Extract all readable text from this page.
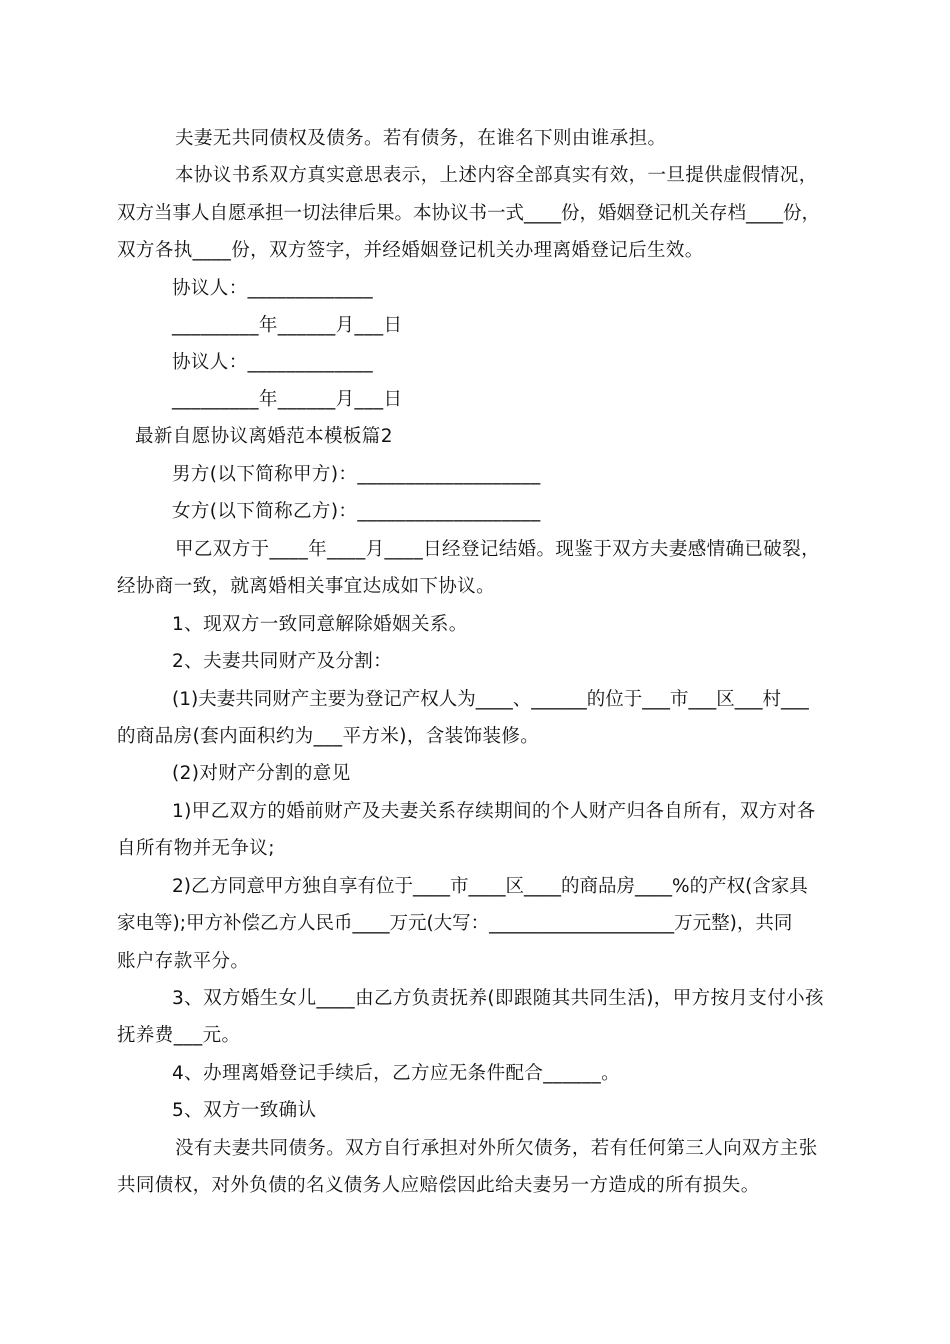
夫妻无共同债权及债务。若有债务，在谁名下则由谁承担。
本协议书系双方真实意思表示，上述内容全部真实有效，一旦提供虚假情况，
双方当事人自愿承担一切法律后果。本协议书一式____份，婚姻登记机关存档____份，
双方各执____份，双方签字，并经婚姻登记机关办理离婚登记后生效。
协议人：_____________
_________年______月___日
协议人：_____________
_________年______月___日
最新自愿协议离婚范本模板篇2
男方(以下简称甲方)：___________________
女方(以下简称乙方)：___________________
甲乙双方于____年____月____日经登记结婚。现鉴于双方夫妻感情确已破裂，
经协商一致，就离婚相关事宜达成如下协议。
1、现双方一致同意解除婚姻关系。
2、夫妻共同财产及分割：
(1)夫妻共同财产主要为登记产权人为____、______的位于___市___区___村___
的商品房(套内面积约为___平方米)，含装饰装修。
(2)对财产分割的意见
1)甲乙双方的婚前财产及夫妻关系存续期间的个人财产归各自所有，双方对各
自所有物并无争议;
2)乙方同意甲方独自享有位于____市____区____的商品房____%的产权(含家具
家电等);甲方补偿乙方人民币____万元(大写：____________________万元整)，共同
账户存款平分。
3、双方婚生女儿____由乙方负责抚养(即跟随其共同生活)，甲方按月支付小孩
抚养费___元。
4、办理离婚登记手续后，乙方应无条件配合______。
5、双方一致确认
没有夫妻共同债务。双方自行承担对外所欠债务，若有任何第三人向双方主张
共同债权，对外负债的名义债务人应赔偿因此给夫妻另一方造成的所有损失。
